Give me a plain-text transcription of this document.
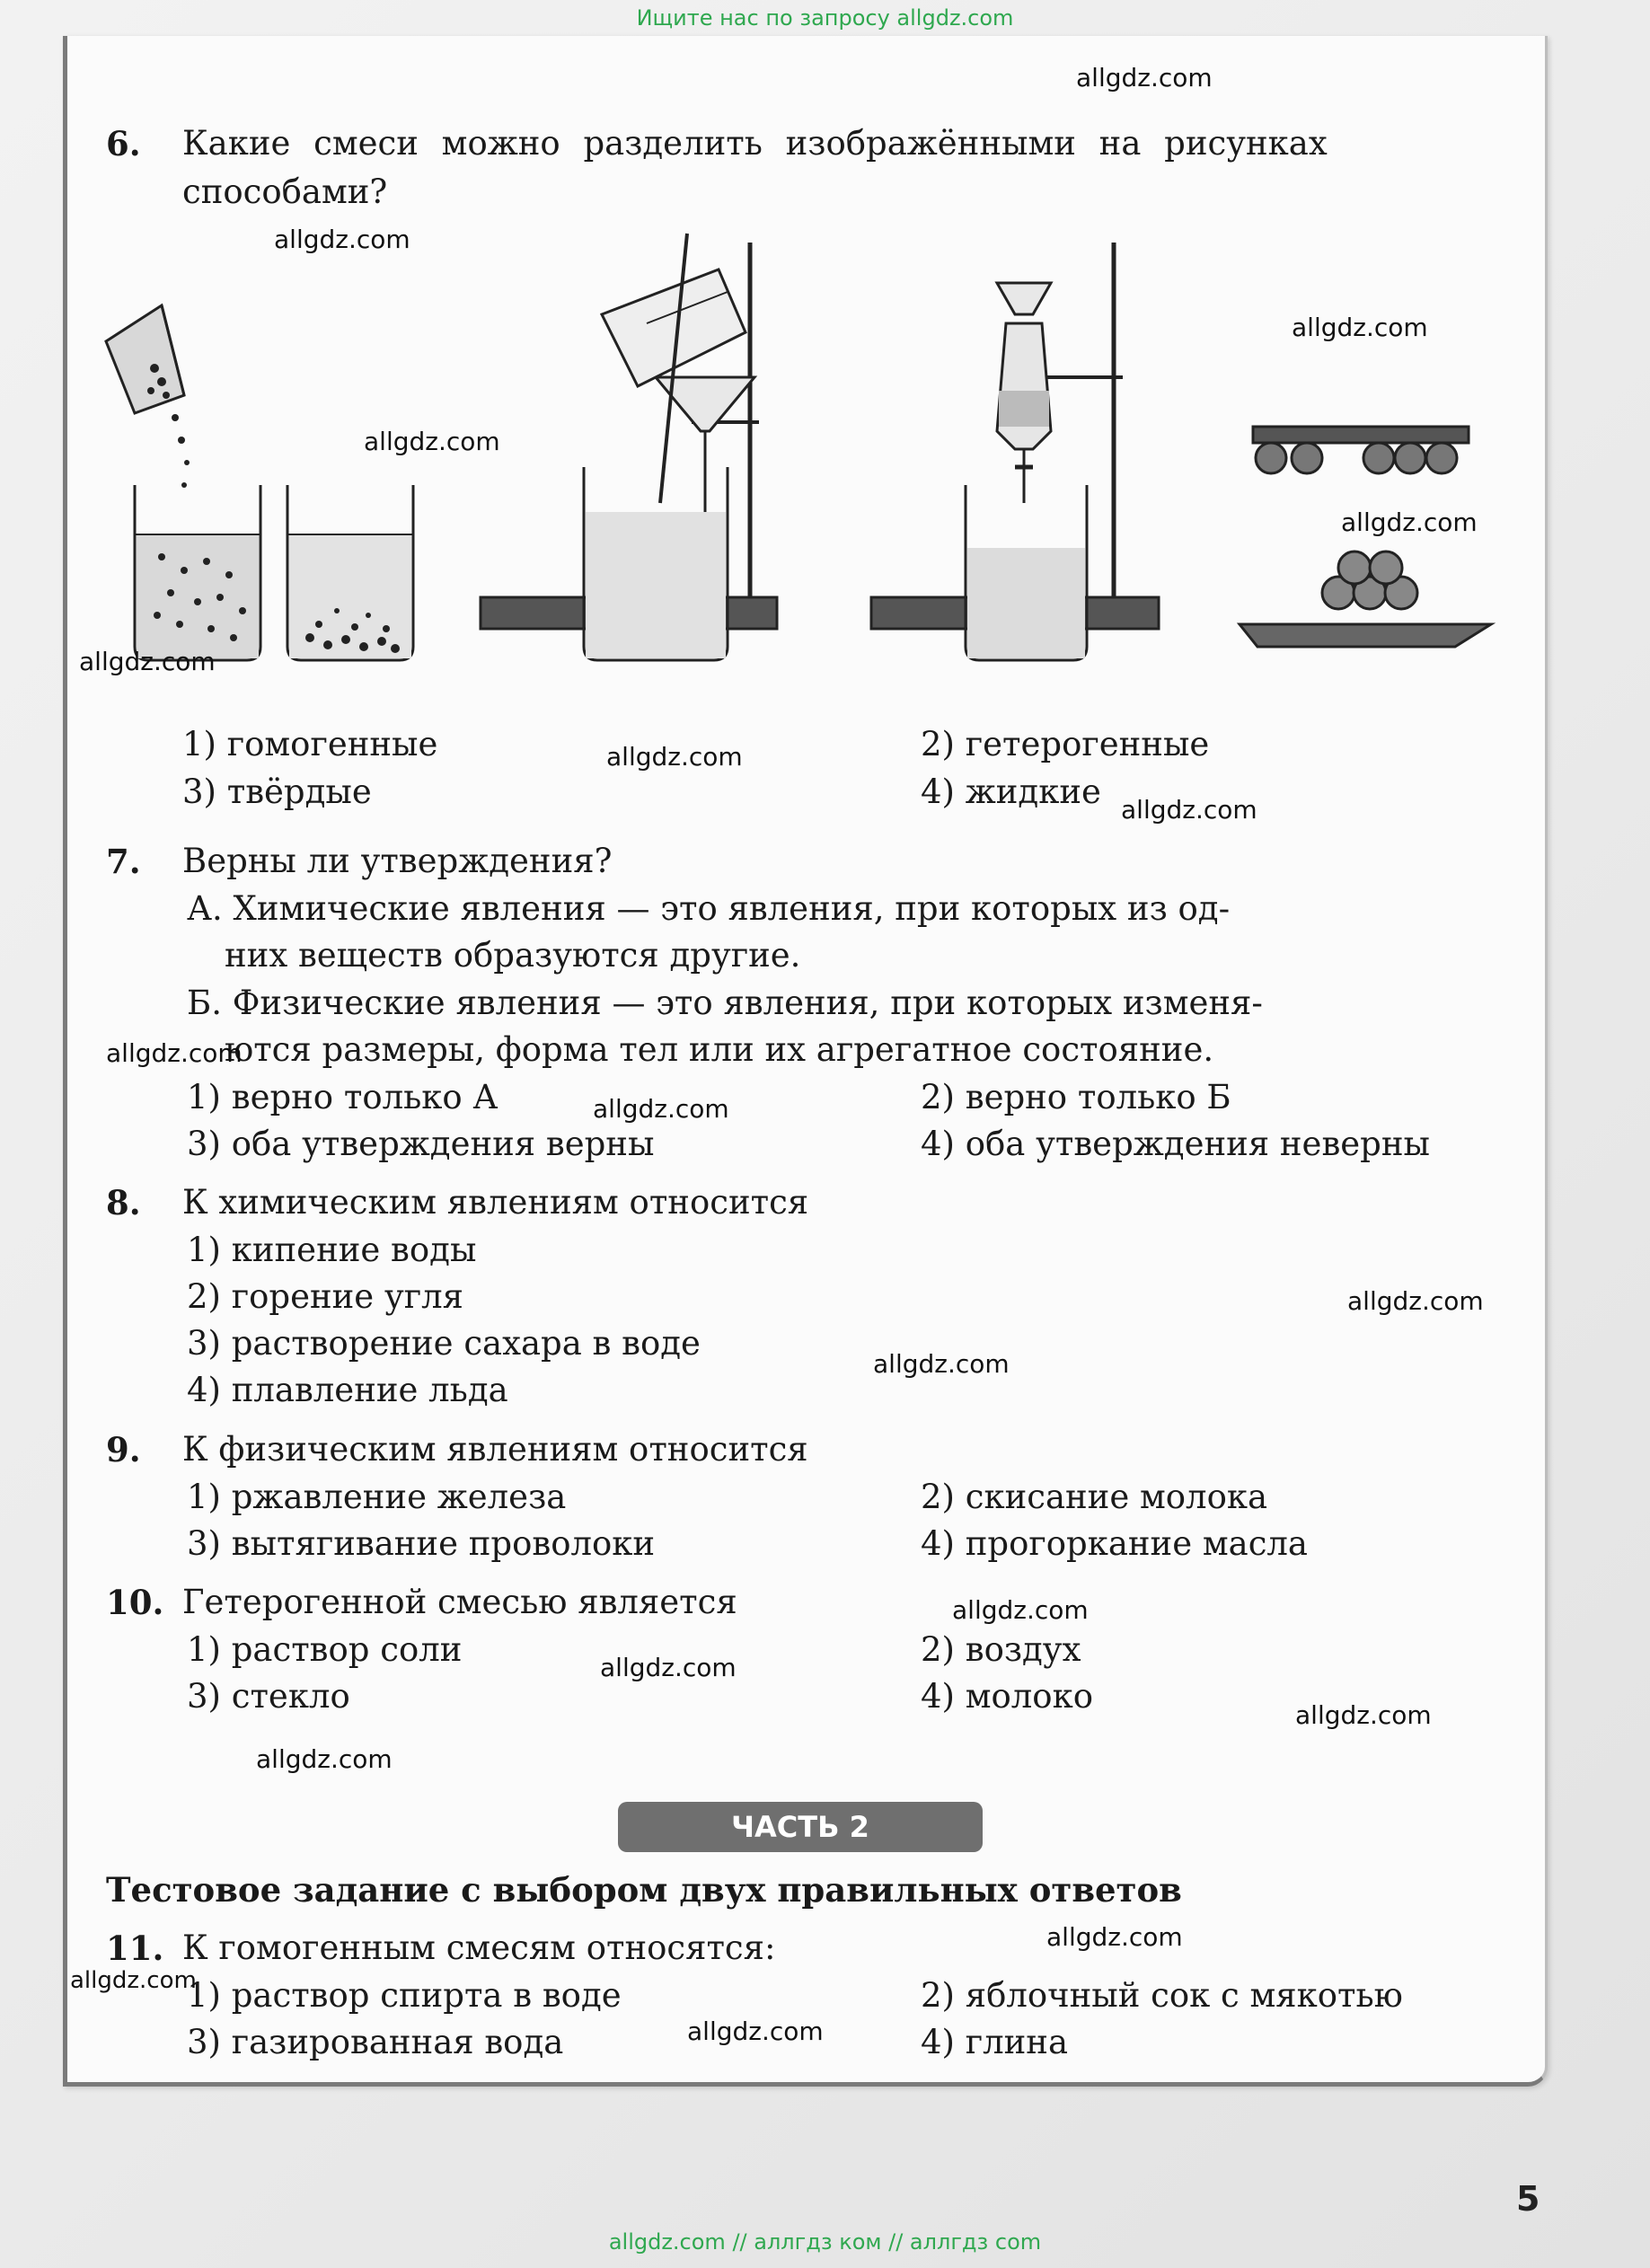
Ищите нас по запросу allgdz.com
6. Какие смеси можно разделить изображёнными на рисунках
способами?
1) гомогенные	2) гетерогенные
3) твёрдые	4) жидкие
7. Верны ли утверждения?
А. Химические явления — это явления, при которых из од-
них веществ образуются другие.
Б. Физические явления — это явления, при которых изменя-
ются размеры, форма тел или их агрегатное состояние.
1) верно только А	2) верно только Б
3) оба утверждения верны	4) оба утверждения неверны
8. К химическим явлениям относится
1) кипение воды
2) горение угля
3) растворение сахара в воде
4) плавление льда
9. К физическим явлениям относится
1) ржавление железа	2) скисание молока
3) вытягивание проволоки	4) прогоркание масла
10. Гетерогенной смесью является
1) раствор соли	2) воздух
3) стекло	4) молоко
ЧАСТЬ 2
Тестовое задание с выбором двух правильных ответов
11. К гомогенным смесям относятся:
1) раствор спирта в воде	2) яблочный сок с мякотью
3) газированная вода	4) глина
allgdz.com
allgdz.com
allgdz.com
allgdz.com
allgdz.com
allgdz.com
allgdz.com
allgdz.com
allgdz.com
allgdz.com
allgdz.com
allgdz.com
allgdz.com
allgdz.com
allgdz.com
allgdz.com
allgdz.com
allgdz.com
allgdz.com
5
allgdz.com // аллгдз ком // аллгдз com
